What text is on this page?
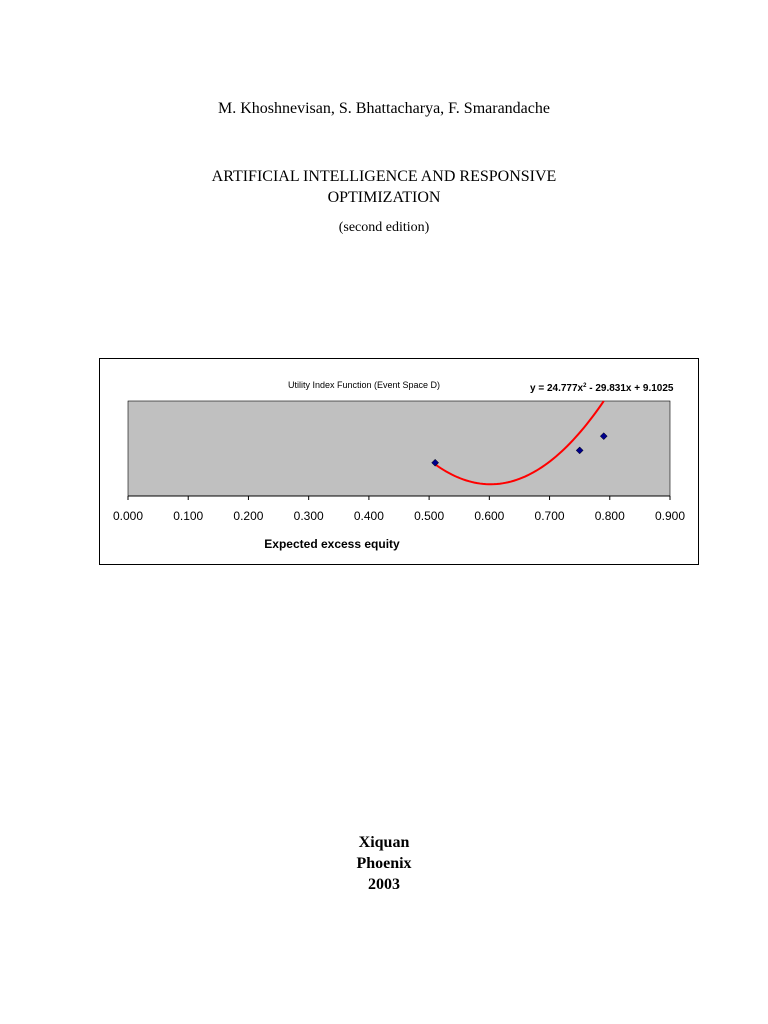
M. Khoshnevisan, S. Bhattacharya, F. Smarandache
ARTIFICIAL INTELLIGENCE AND RESPONSIVE
OPTIMIZATION
(second edition)
Utility Index Function (Event Space D)	$y = 24.777x^2 - 29.831x + 9.1025$
0.000	0.100	0.200	0.300	0.400	0.500	0.600	0.700	0.800	0.900
Expected excess equity
Xiquan
Phoenix
2003
